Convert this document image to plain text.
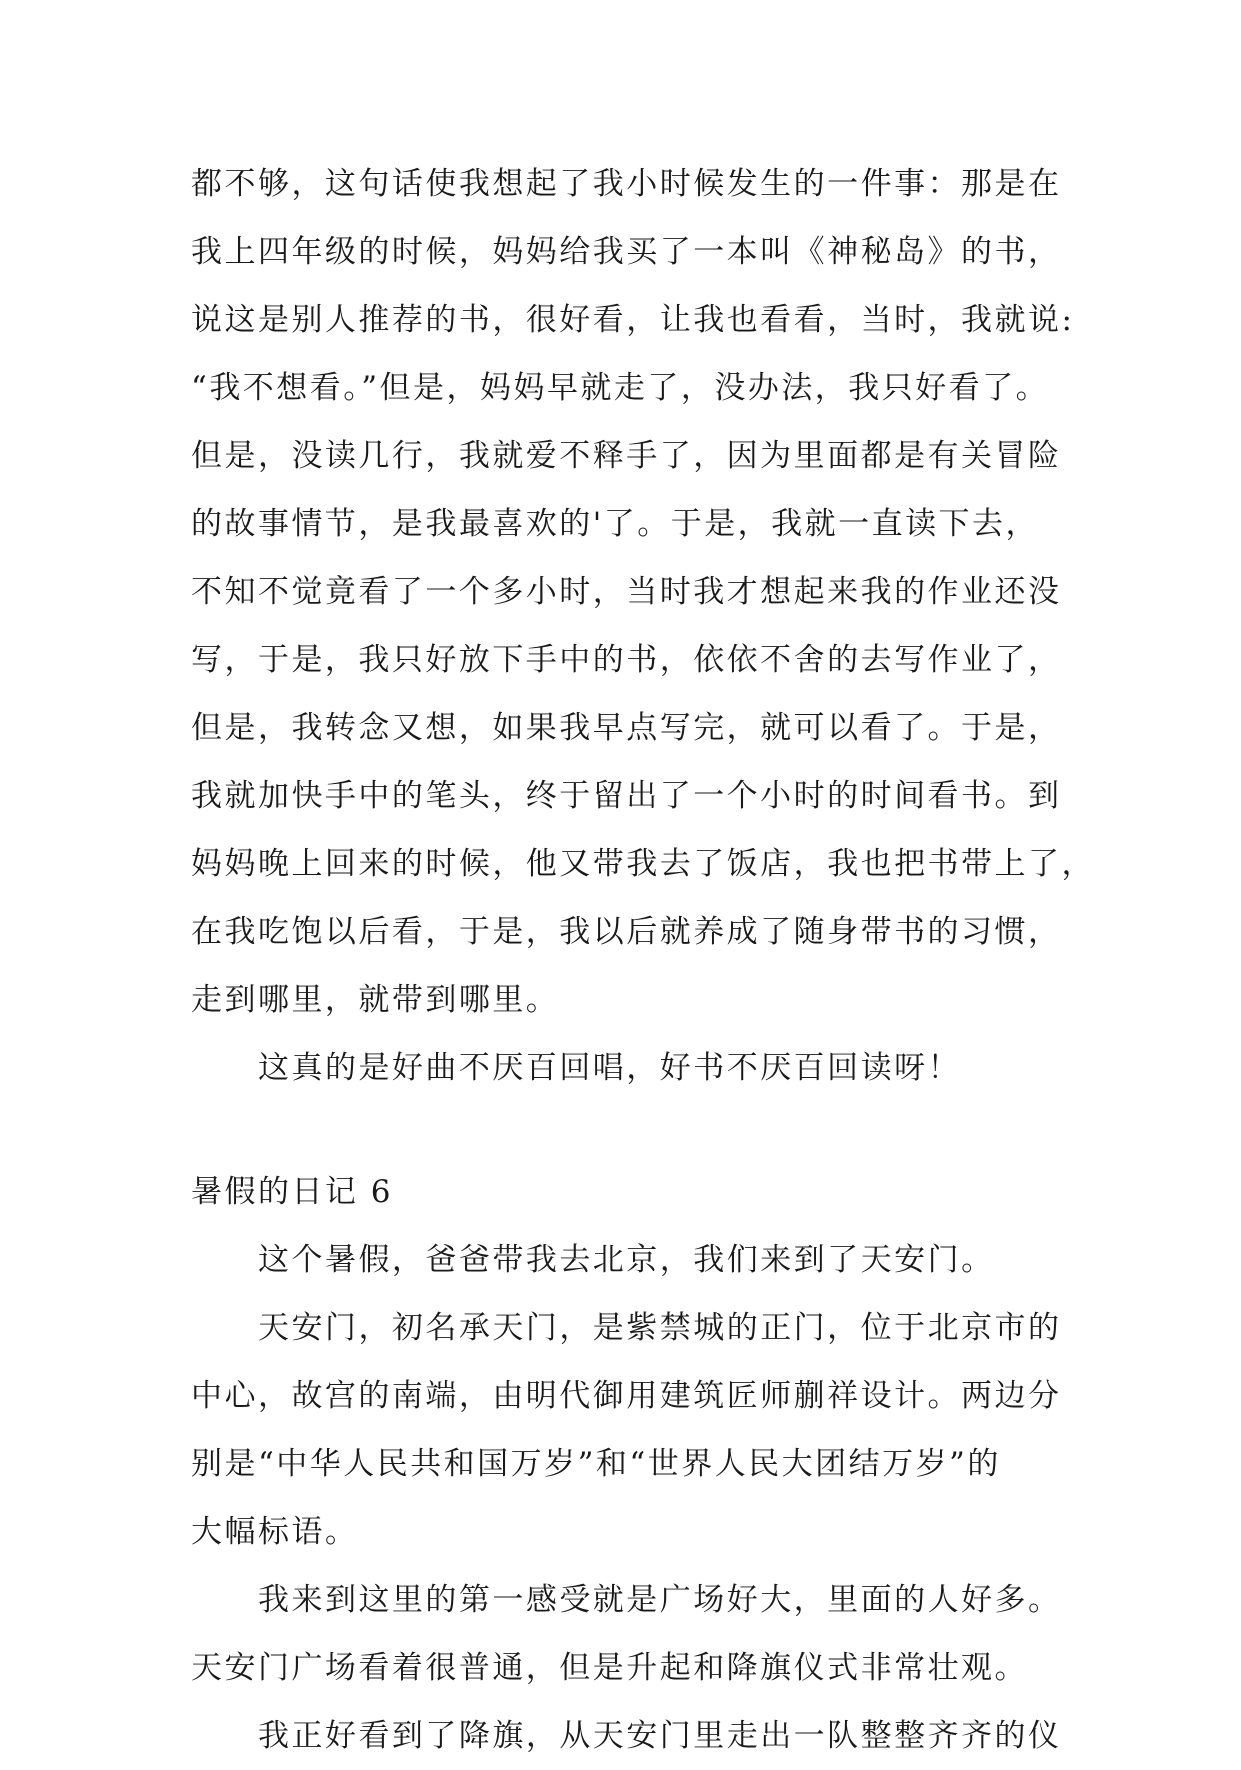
都不够，这句话使我想起了我小时候发生的一件事：那是在
我上四年级的时候，妈妈给我买了一本叫《神秘岛》的书，
说这是别人推荐的书，很好看，让我也看看，当时，我就说:
“我不想看。”但是，妈妈早就走了，没办法，我只好看了。
但是，没读几行，我就爱不释手了，因为里面都是有关冒险
的故事情节，是我最喜欢的'了。于是，我就一直读下去，
不知不觉竟看了一个多小时，当时我才想起来我的作业还没
写，于是，我只好放下手中的书，依依不舍的去写作业了，
但是，我转念又想，如果我早点写完，就可以看了。于是，
我就加快手中的笔头，终于留出了一个小时的时间看书。到
妈妈晚上回来的时候，他又带我去了饭店，我也把书带上了，
在我吃饱以后看，于是，我以后就养成了随身带书的习惯，
走到哪里，就带到哪里。
这真的是好曲不厌百回唱，好书不厌百回读呀！
暑假的日记 6
这个暑假，爸爸带我去北京，我们来到了天安门。
天安门，初名承天门，是紫禁城的正门，位于北京市的
中心，故宫的南端，由明代御用建筑匠师蒯祥设计。两边分
别是“中华人民共和国万岁”和“世界人民大团结万岁”的
大幅标语。
我来到这里的第一感受就是广场好大，里面的人好多。
天安门广场看着很普通，但是升起和降旗仪式非常壮观。
我正好看到了降旗，从天安门里走出一队整整齐齐的仪
